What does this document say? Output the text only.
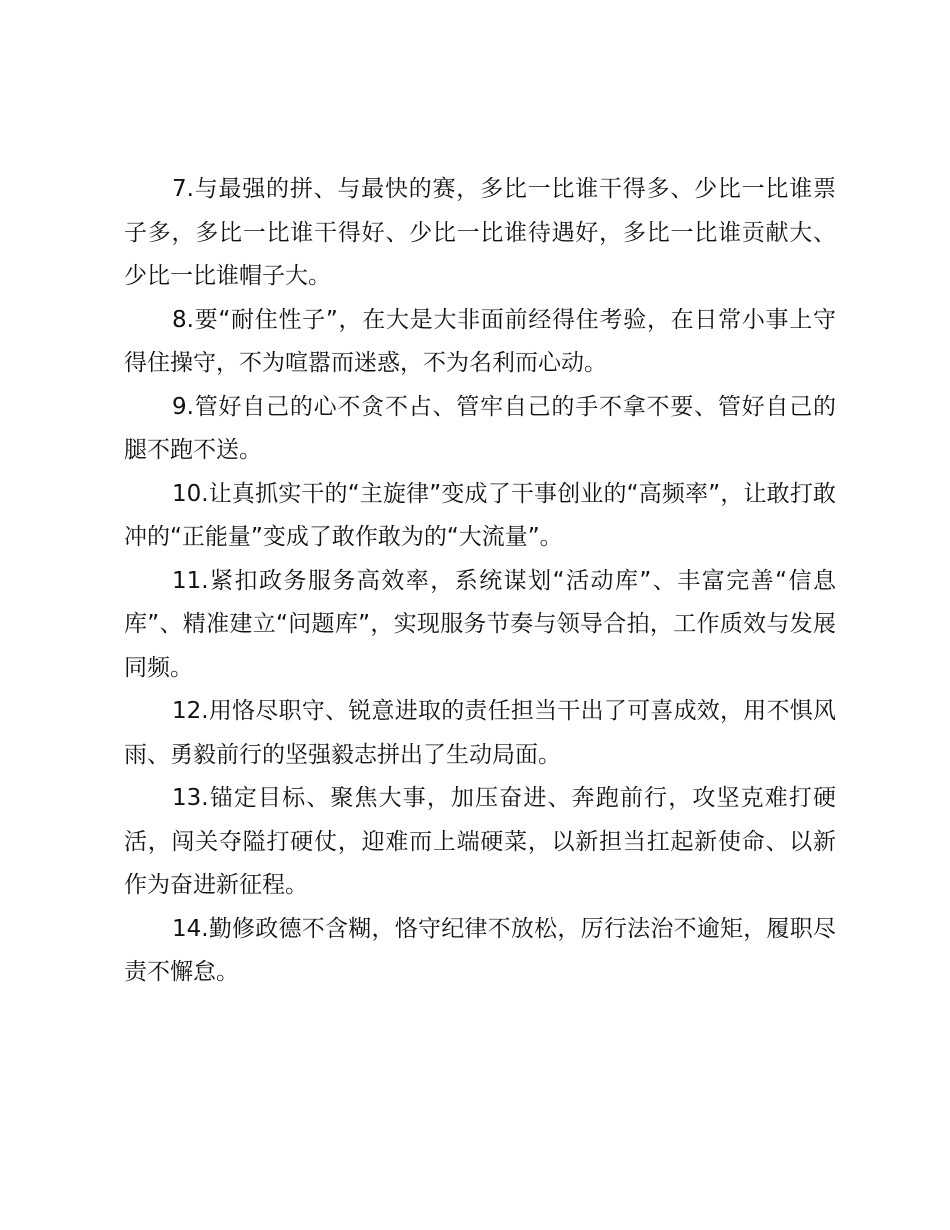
7.与最强的拼、与最快的赛，多比一比谁干得多、少比一比谁票子多，多比一比谁干得好、少比一比谁待遇好，多比一比谁贡献大、少比一比谁帽子大。

8.要“耐住性子”，在大是大非面前经得住考验，在日常小事上守得住操守，不为喧嚣而迷惑，不为名利而心动。

9.管好自己的心不贪不占、管牢自己的手不拿不要、管好自己的腿不跑不送。

10.让真抓实干的“主旋律”变成了干事创业的“高频率”，让敢打敢冲的“正能量”变成了敢作敢为的“大流量”。

11.紧扣政务服务高效率，系统谋划“活动库”、丰富完善“信息库”、精准建立“问题库”，实现服务节奏与领导合拍，工作质效与发展同频。

12.用恪尽职守、锐意进取的责任担当干出了可喜成效，用不惧风雨、勇毅前行的坚强毅志拼出了生动局面。

13.锚定目标、聚焦大事，加压奋进、奔跑前行，攻坚克难打硬活，闯关夺隘打硬仗，迎难而上端硬菜，以新担当扛起新使命、以新作为奋进新征程。

14.勤修政德不含糊，恪守纪律不放松，厉行法治不逾矩，履职尽责不懈怠。
